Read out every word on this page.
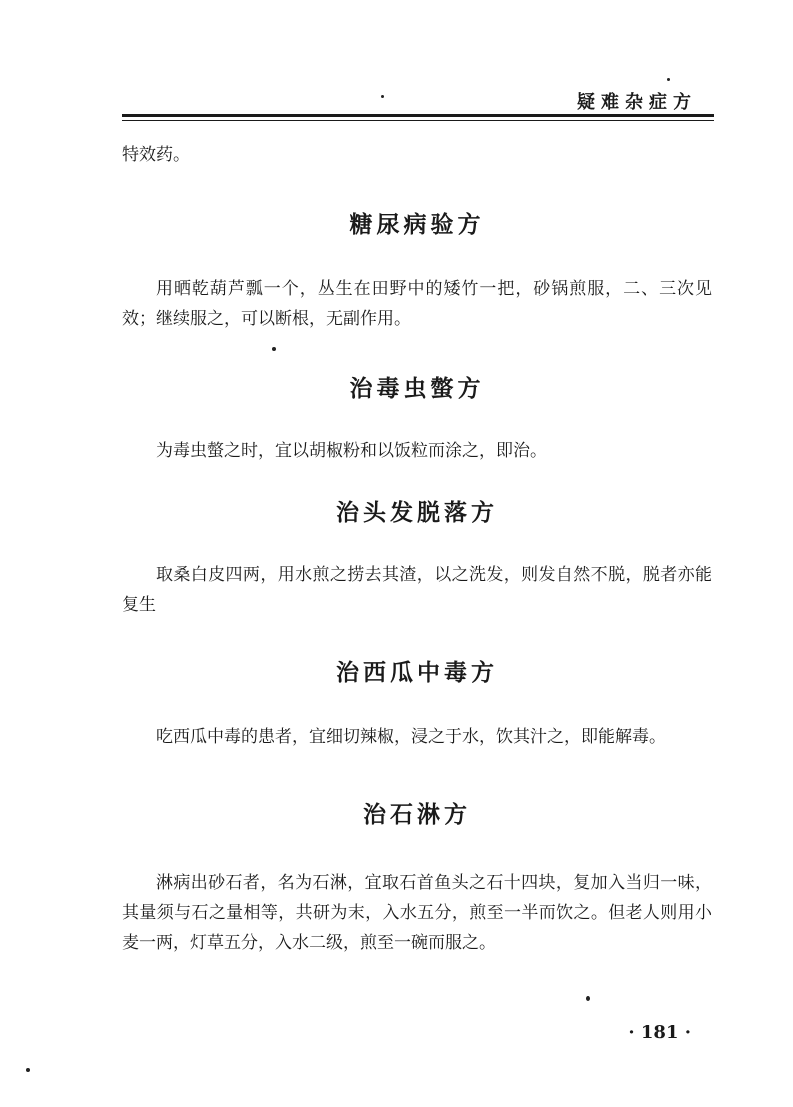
疑难杂症方

特效药。

糖尿病验方

用晒乾葫芦瓢一个，丛生在田野中的矮竹一把，砂锅煎服，二、三次见效；继续服之，可以断根，无副作用。

治毒虫螫方

为毒虫螫之时，宜以胡椒粉和以饭粒而涂之，即治。

治头发脱落方

取桑白皮四两，用水煎之捞去其渣，以之洗发，则发自然不脱，脱者亦能复生

治西瓜中毒方

吃西瓜中毒的患者，宜细切辣椒，浸之于水，饮其汁之，即能解毒。

治石淋方

淋病出砂石者，名为石淋，宜取石首鱼头之石十四块，复加入当归一味，其量须与石之量相等，共研为末，入水五分，煎至一半而饮之。但老人则用小麦一两，灯草五分，入水二级，煎至一碗而服之。

· 181 ·
